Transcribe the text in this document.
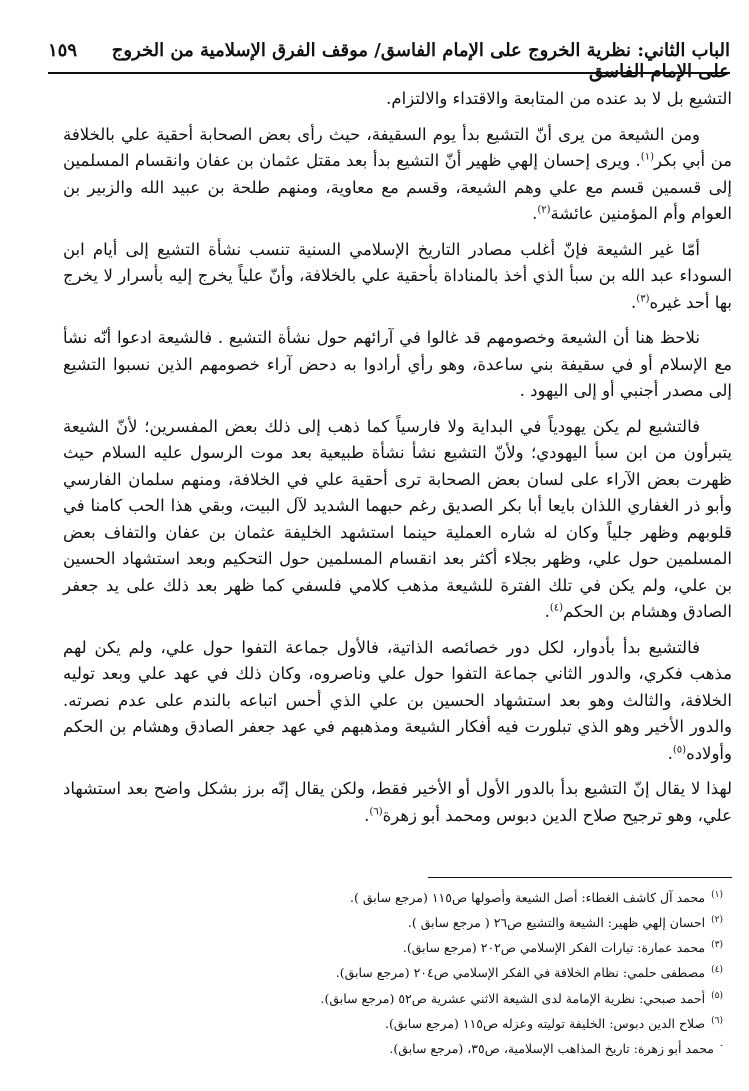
الباب الثاني: نظرية الخروج على الإمام الفاسق/ موقف الفرق الإسلامية من الخروج على الإمام الفاسق
١٥٩

التشيع بل لا بد عنده من المتابعة والاقتداء والالتزام.

ومن الشيعة من يرى أنّ التشيع بدأ يوم السقيفة، حيث رأى بعض الصحابة أحقية علي بالخلافة من أبي بكر$^{(١)}$. ويرى إحسان إلهي ظهير أنّ التشيع بدأ بعد مقتل عثمان بن عفان وانقسام المسلمين إلى قسمين قسم مع علي وهم الشيعة، وقسم مع معاوية، ومنهم طلحة بن عبيد الله والزبير بن العوام وأم المؤمنين عائشة$^{(٢)}$.

أمّا غير الشيعة فإنّ أغلب مصادر التاريخ الإسلامي السنية تنسب نشأة التشيع إلى أيام ابن السوداء عبد الله بن سبأ الذي أخذ بالمناداة بأحقية علي بالخلافة، وأنّ علياً يخرج إليه بأسرار لا يخرج بها أحد غيره$^{(٣)}$.

نلاحظ هنا أن الشيعة وخصومهم قد غالوا في آرائهم حول نشأة التشيع . فالشيعة ادعوا أنّه نشأ مع الإسلام أو في سقيفة بني ساعدة، وهو رأي أرادوا به دحض آراء خصومهم الذين نسبوا التشيع إلى مصدر أجنبي أو إلى اليهود .

فالتشيع لم يكن يهودياً في البداية ولا فارسياً كما ذهب إلى ذلك بعض المفسرين؛ لأنّ الشيعة يتبرأون من ابن سبأ اليهودي؛ ولأنّ التشيع نشأ نشأة طبيعية بعد موت الرسول عليه السلام حيث ظهرت بعض الآراء على لسان بعض الصحابة ترى أحقية علي في الخلافة، ومنهم سلمان الفارسي وأبو ذر الغفاري اللذان بايعا أبا بكر الصديق رغم حبهما الشديد لآل البيت، وبقي هذا الحب كامنا في قلوبهم وظهر جلياً وكان له شاره العملية حينما استشهد الخليفة عثمان بن عفان والتفاف بعض المسلمين حول علي، وظهر بجلاء أكثر بعد انقسام المسلمين حول التحكيم وبعد استشهاد الحسين بن علي، ولم يكن في تلك الفترة للشيعة مذهب كلامي فلسفي كما ظهر بعد ذلك على يد جعفر الصادق وهشام بن الحكم$^{(٤)}$.

فالتشيع بدأ بأدوار، لكل دور خصائصه الذاتية، فالأول جماعة التفوا حول علي، ولم يكن لهم مذهب فكري، والدور الثاني جماعة التفوا حول علي وناصروه، وكان ذلك في عهد علي وبعد توليه الخلافة، والثالث وهو بعد استشهاد الحسين بن علي الذي أحس اتباعه بالندم على عدم نصرته. والدور الأخير وهو الذي تبلورت فيه أفكار الشيعة ومذهبهم في عهد جعفر الصادق وهشام بن الحكم وأولاده$^{(٥)}$.

لهذا لا يقال إنّ التشيع بدأ بالدور الأول أو الأخير فقط، ولكن يقال إنّه برز بشكل واضح بعد استشهاد علي، وهو ترجيح صلاح الدين دبوس ومحمد أبو زهرة$^{(٦)}$.

$^{(١)}$محمد آل كاشف الغطاء: أصل الشيعة وأصولها ص١١٥ (مرجع سابق ).
$^{(٢)}$احسان إلهي ظهير: الشيعة والتشيع ص٢٦ ( مرجع سابق ).
$^{(٣)}$محمد عمارة: تيارات الفكر الإسلامي ص٢٠٢ (مرجع سابق).
$^{(٤)}$مصطفى حلمي: نظام الخلافة في الفكر الإسلامي ص٢٠٤ (مرجع سابق).
$^{(٥)}$أحمد صبحي: نظرية الإمامة لدى الشيعة الاثني عشرية ص٥٢ (مرجع سابق).
$^{(٦)}$صلاح الدين دبوس: الخليفة توليته وعزله ص١١٥ (مرجع سابق).
-محمد أبو زهرة: تاريخ المذاهب الإسلامية، ص٣٥، (مرجع سابق).
